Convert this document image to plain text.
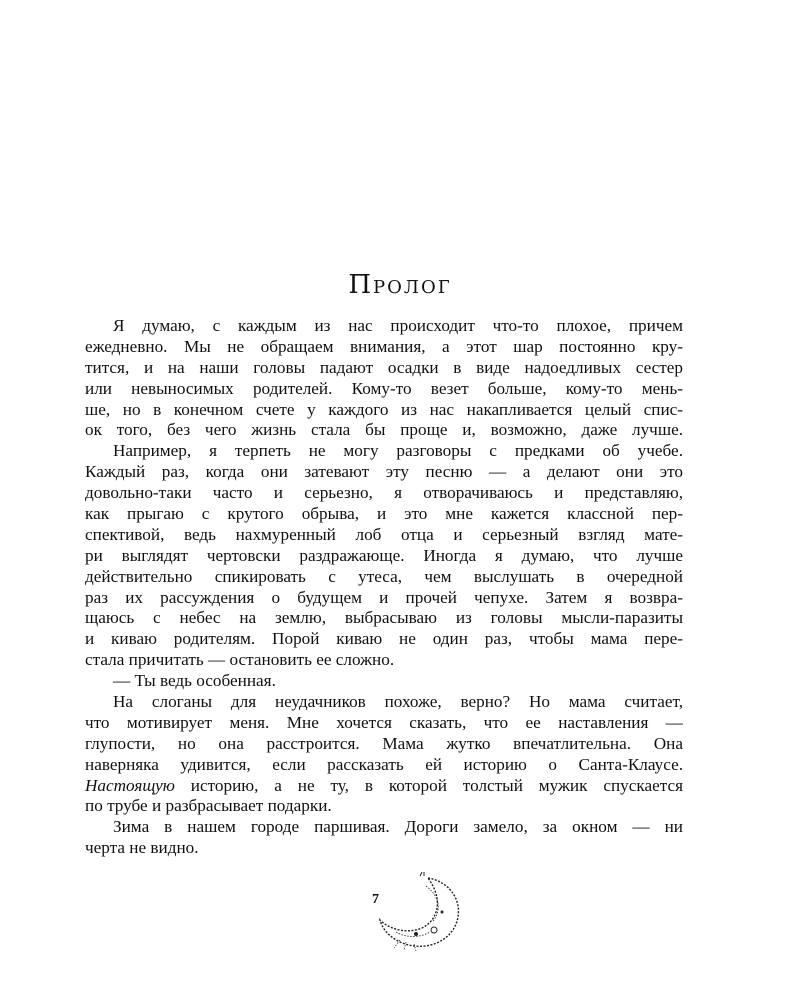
Пролог
Я думаю, с каждым из нас происходит что-то плохое, причем
ежедневно. Мы не обращаем внимания, а этот шар постоянно кру-
тится, и на наши головы падают осадки в виде надоедливых сестер
или невыносимых родителей. Кому-то везет больше, кому-то мень-
ше, но в конечном счете у каждого из нас накапливается целый спис-
ок того, без чего жизнь стала бы проще и, возможно, даже лучше.
Например, я терпеть не могу разговоры с предками об учебе.
Каждый раз, когда они затевают эту песню — а делают они это
довольно-таки часто и серьезно, я отворачиваюсь и представляю,
как прыгаю с крутого обрыва, и это мне кажется классной пер-
спективой, ведь нахмуренный лоб отца и серьезный взгляд мате-
ри выглядят чертовски раздражающе. Иногда я думаю, что лучше
действительно спикировать с утеса, чем выслушать в очередной
раз их рассуждения о будущем и прочей чепухе. Затем я возвра-
щаюсь с небес на землю, выбрасываю из головы мысли-паразиты
и киваю родителям. Порой киваю не один раз, чтобы мама пере-
стала причитать — остановить ее сложно.
— Ты ведь особенная.
На слоганы для неудачников похоже, верно? Но мама считает,
что мотивирует меня. Мне хочется сказать, что ее наставления —
глупости, но она расстроится. Мама жутко впечатлительна. Она
наверняка удивится, если рассказать ей историю о Санта-Клаусе.
Настоящую историю, а не ту, в которой толстый мужик спускается
по трубе и разбрасывает подарки.
Зима в нашем городе паршивая. Дороги замело, за окном — ни
черта не видно.
7
